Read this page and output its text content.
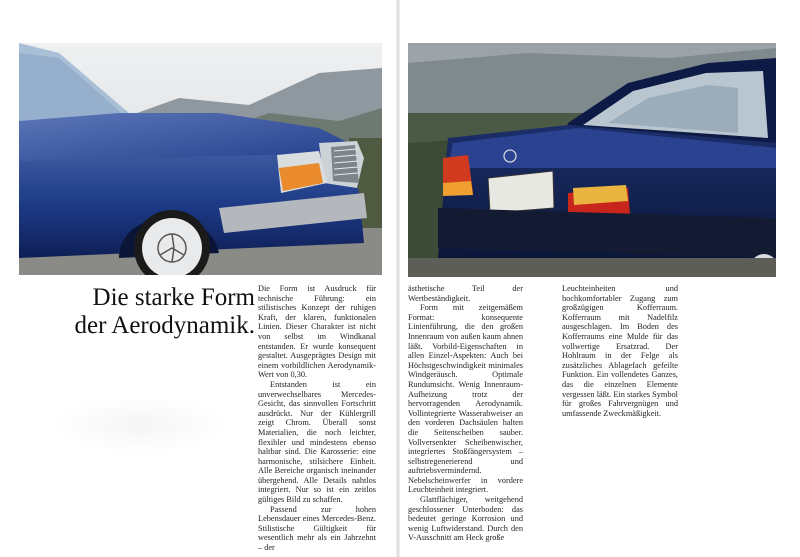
Die starke Form
der Aerodynamik.

Die Form ist Ausdruck für technische Führung: ein stilistisches Konzept der ruhigen Kraft, der klaren, funktionalen Linien. Dieser Charakter ist nicht von selbst im Windkanal entstanden. Er wurde konsequent gestaltet. Ausgeprägtes Design mit einem vorbildlichen Aerodynamik-Wert von 0,30.

Entstanden ist ein unverwechselbares Mercedes-Gesicht, das sinnvollen Fortschritt ausdrückt. Nur der Kühlergrill zeigt Chrom. Überall sonst Materialien, die noch leichter, flexibler und mindestens ebenso haltbar sind. Die Karosserie: eine harmonische, stilsichere Einheit. Alle Bereiche organisch ineinander übergehend. Alle Details nahtlos integriert. Nur so ist ein zeitlos gültiges Bild zu schaffen.

Passend zur hohen Lebensdauer eines Mercedes-Benz. Stilistische Gültigkeit für wesentlich mehr als ein Jahrzehnt – der

ästhetische Teil der Wertbeständigkeit.

Form mit zeitgemäßem Format: konsequente Linienführung, die den großen Innenraum von außen kaum ahnen läßt. Vorbild-Eigenschaften in allen Einzel-Aspekten: Auch bei Höchstgeschwindigkeit minimales Windgeräusch. Optimale Rundumsicht. Wenig Innenraum-Aufheizung trotz der hervorragenden Aerodynamik. Vollintegrierte Wasserabweiser an den vorderen Dachsäulen halten die Seitenscheiben sauber. Vollversenkter Scheibenwischer, integriertes Stoßfängersystem – selbstregenerierend und auftriebsvermindernd. Nebelscheinwerfer in vordere Leuchteinheit integriert.

Glattflächiger, weitgehend geschlossener Unterboden: das bedeutet geringe Korrosion und wenig Luftwiderstand. Durch den V-Ausschnitt am Heck große

Leuchteinheiten und hochkomfortabler Zugang zum großzügigen Kofferraum. Kofferraum mit Nadelfilz ausgeschlagen. Im Boden des Kofferraums eine Mulde für das vollwertige Ersatzrad. Der Hohlraum in der Felge als zusätzliches Ablagefach gefeilte Funktion. Ein vollendetes Ganzes, das die einzelnen Elemente vergessen läßt. Ein starkes Symbol für großes Fahrvergnügen und umfassende Zweckmäßigkeit.
